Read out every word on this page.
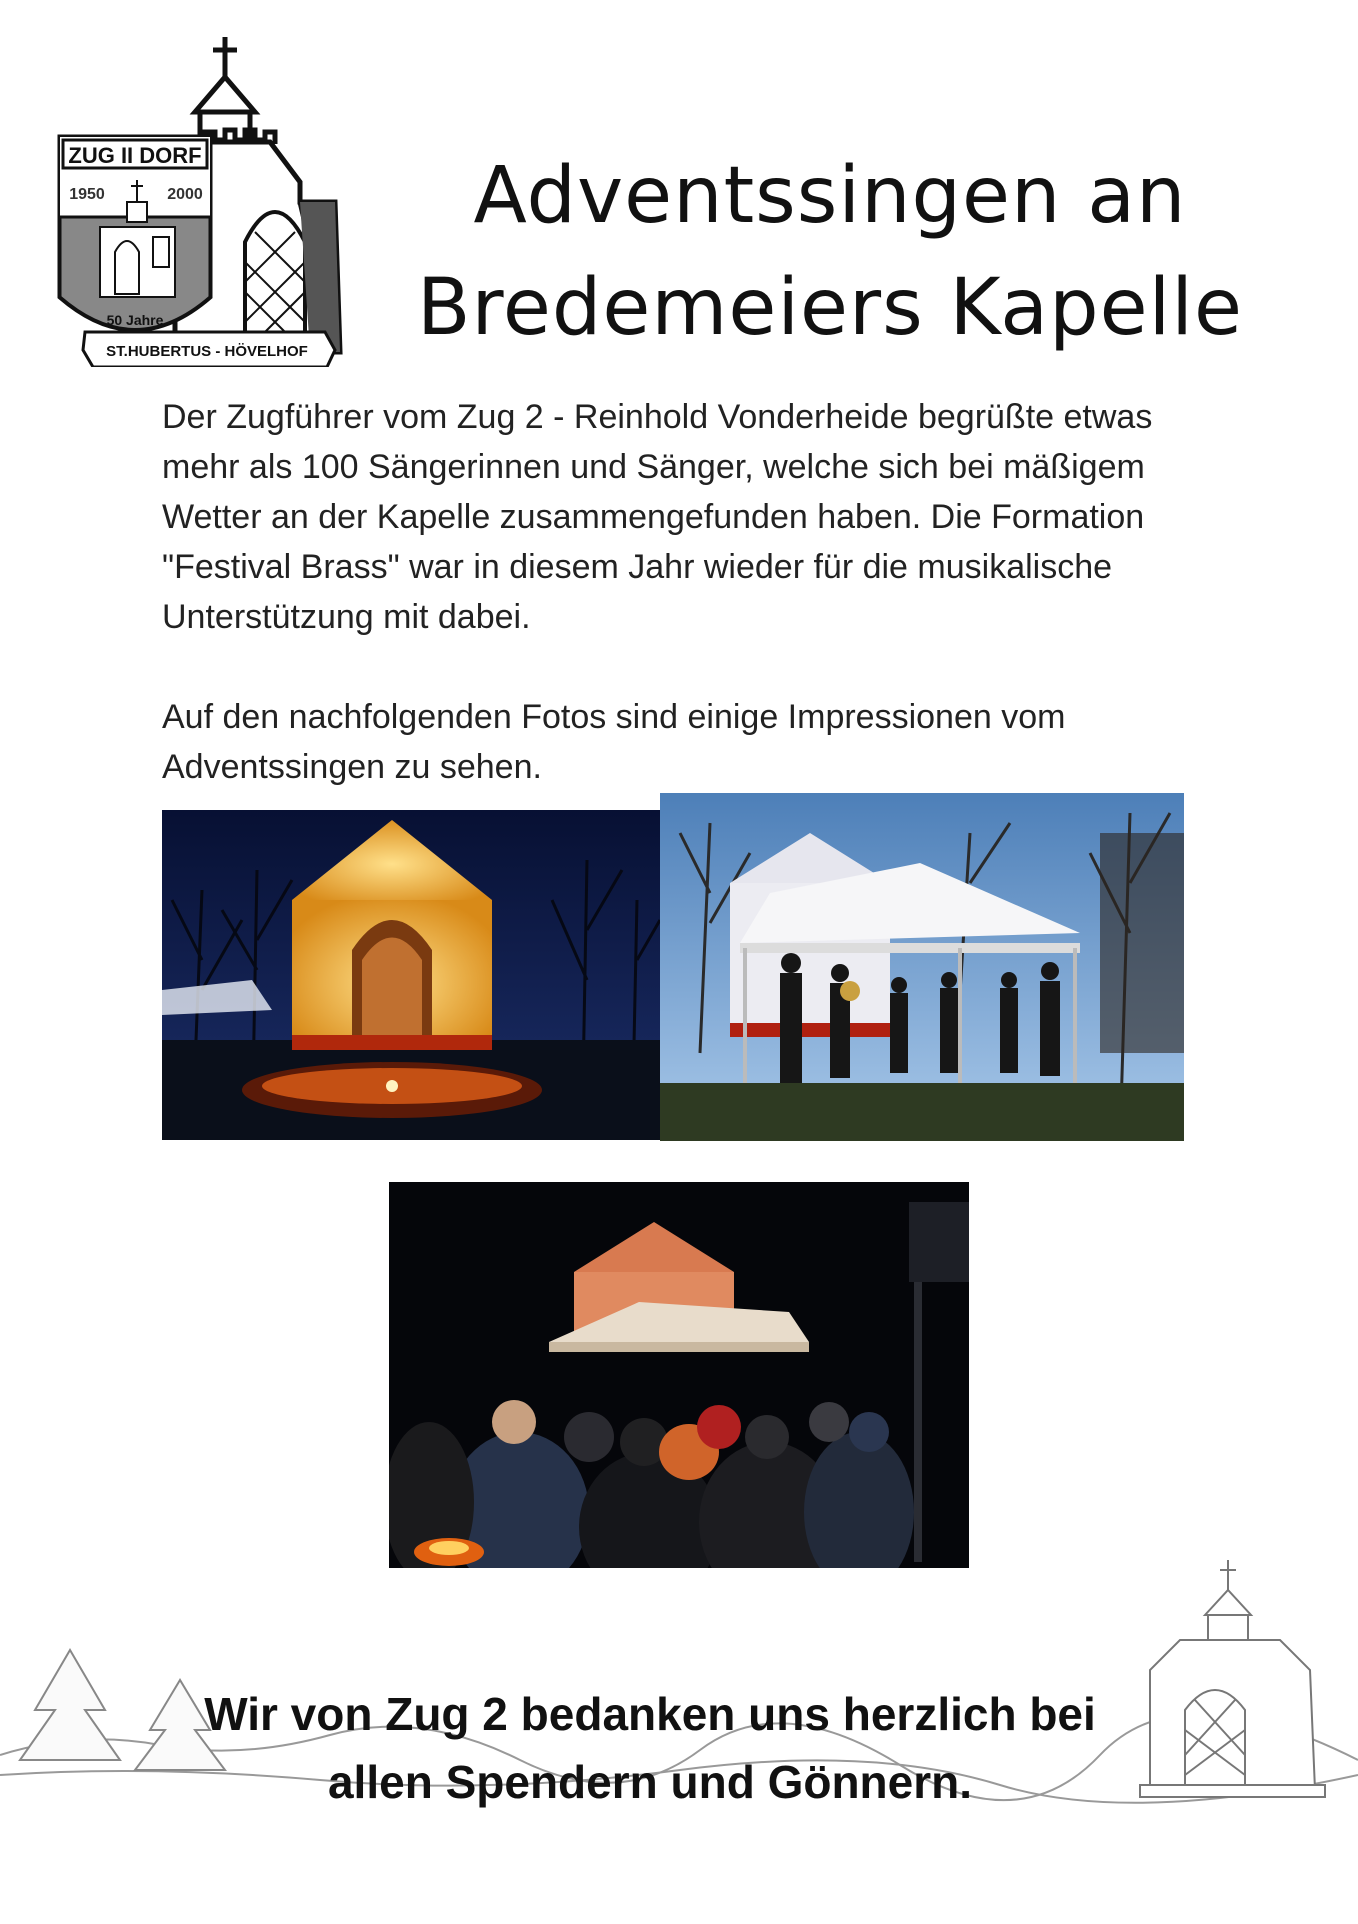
ZUG II DORF
1950	2000
50 Jahre
ST.HUBERTUS - HÖVELHOF
Adventssingen an
Bredemeiers Kapelle

Der Zugführer vom Zug 2 - Reinhold Vonderheide begrüßte etwas mehr als 100 Sängerinnen und Sänger, welche sich bei mäßigem Wetter an der Kapelle zusammengefunden haben. Die Formation "Festival Brass" war in diesem Jahr wieder für die musikalische Unterstützung mit dabei.

Auf den nachfolgenden Fotos sind einige Impressionen vom Adventssingen zu sehen.

Wir von Zug 2 bedanken uns herzlich bei
allen Spendern und Gönnern.
